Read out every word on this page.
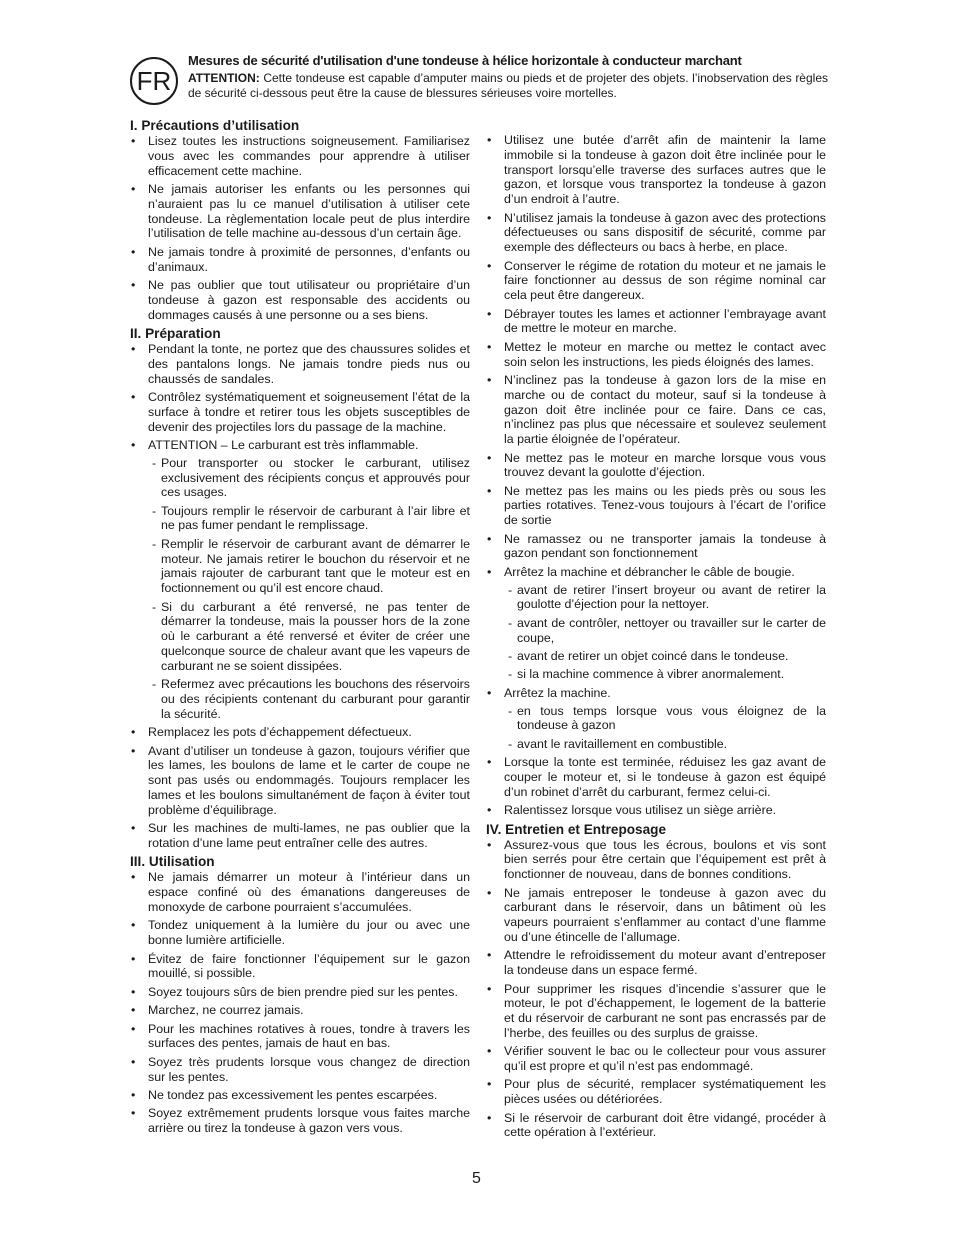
FR

Mesures de sécurité d'utilisation d'une tondeuse à hélice horizontale à conducteur marchant

ATTENTION: Cette tondeuse est capable d’amputer mains ou pieds et de projeter des objets. l’inobservation des règles de sécurité ci-dessous peut être la cause de blessures sérieuses voire mortelles.

I. Précautions d’utilisation

• Lisez toutes les instructions soigneusement. Familiarisez vous avec les commandes pour apprendre à utiliser efficacement cette machine.
• Ne jamais autoriser les enfants ou les personnes qui n’auraient pas lu ce manuel d’utilisation à utiliser cete tondeuse. La règlementation locale peut de plus interdire l’utilisation de telle machine au-dessous d’un certain âge.
• Ne jamais tondre à proximité de personnes, d’enfants ou d’animaux.
• Ne pas oublier que tout utilisateur ou propriétaire d’un tondeuse à gazon est responsable des accidents ou dommages causés à une personne ou a ses biens.

II. Préparation

• Pendant la tonte, ne portez que des chaussures solides et des pantalons longs. Ne jamais tondre pieds nus ou chaussés de sandales.
• Contrôlez systématiquement et soigneusement l’état de la surface à tondre et retirer tous les objets susceptibles de devenir des projectiles lors du passage de la machine.
• ATTENTION – Le carburant est très inflammable.
- Pour transporter ou stocker le carburant, utilisez exclusivement des récipients conçus et approuvés pour ces usages.
- Toujours remplir le réservoir de carburant à l’air libre et ne pas fumer pendant le remplissage.
- Remplir le réservoir de carburant avant de démarrer le moteur. Ne jamais retirer le bouchon du réservoir et ne jamais rajouter de carburant tant que le moteur est en foctionnement ou qu’il est encore chaud.
- Si du carburant a été renversé, ne pas tenter de démarrer la tondeuse, mais la pousser hors de la zone où le carburant a été renversé et éviter de créer une quelconque source de chaleur avant que les vapeurs de carburant ne se soient dissipées.
- Refermez avec précautions les bouchons des réservoirs ou des récipients contenant du carburant pour garantir la sécurité.
• Remplacez les pots d’échappement défectueux.
• Avant d’utiliser un tondeuse à gazon, toujours vérifier que les lames, les boulons de lame et le carter de coupe ne sont pas usés ou endommagés. Toujours remplacer les lames et les boulons simultanément de façon à éviter tout problème d’équilibrage.
• Sur les machines de multi-lames, ne pas oublier que la rotation d’une lame peut entraîner celle des autres.

III. Utilisation

• Ne jamais démarrer un moteur à l’intérieur dans un espace confiné où des émanations dangereuses de monoxyde de carbone pourraient s’accumulées.
• Tondez uniquement à la lumière du jour ou avec une bonne lumière artificielle.
• Évitez de faire fonctionner l’équipement sur le gazon mouillé, si possible.
• Soyez toujours sûrs de bien prendre pied sur les pentes.
• Marchez, ne courrez jamais.
• Pour les machines rotatives à roues, tondre à travers les surfaces des pentes, jamais de haut en bas.
• Soyez très prudents lorsque vous changez de direction sur les pentes.
• Ne tondez pas excessivement les pentes escarpées.
• Soyez extrêmement prudents lorsque vous faites marche arrière ou tirez la tondeuse à gazon vers vous.
• Utilisez une butée d’arrêt afin de maintenir la lame immobile si la tondeuse à gazon doit être inclinée pour le transport lorsqu’elle traverse des surfaces autres que le gazon, et lorsque vous transportez la tondeuse à gazon d’un endroit à l’autre.
• N’utilisez jamais la tondeuse à gazon avec des protections défectueuses ou sans dispositif de sécurité, comme par exemple des déflecteurs ou bacs à herbe, en place.
• Conserver le régime de rotation du moteur et ne jamais le faire fonctionner au dessus de son régime nominal car cela peut être dangereux.
• Débrayer toutes les lames et actionner l’embrayage avant de mettre le moteur en marche.
• Mettez le moteur en marche ou mettez le contact avec soin selon les instructions, les pieds éloignés des lames.
• N’inclinez pas la tondeuse à gazon lors de la mise en marche ou de contact du moteur, sauf si la tondeuse à gazon doit être inclinée pour ce faire. Dans ce cas, n’inclinez pas plus que nécessaire et soulevez seulement la partie éloignée de l’opérateur.
• Ne mettez pas le moteur en marche lorsque vous vous trouvez devant la goulotte d’éjection.
• Ne mettez pas les mains ou les pieds près ou sous les parties rotatives. Tenez-vous toujours à l’écart de l’orifice de sortie
• Ne ramassez ou ne transporter jamais la tondeuse à gazon pendant son fonctionnement
• Arrêtez la machine et débrancher le câble de bougie.
- avant de retirer l’insert broyeur ou avant de retirer la goulotte d’éjection pour la nettoyer.
- avant de contrôler, nettoyer ou travailler sur le carter de coupe,
- avant de retirer un objet coincé dans le tondeuse.
- si la machine commence à vibrer anormalement.
• Arrêtez la machine.
- en tous temps lorsque vous vous éloignez de la tondeuse à gazon
- avant le ravitaillement en combustible.
• Lorsque la tonte est terminée, réduisez les gaz avant de couper le moteur et, si le tondeuse à gazon est équipé d’un robinet d’arrêt du carburant, fermez celui-ci.
• Ralentissez lorsque vous utilisez un siège arrière.

IV. Entretien et Entreposage

• Assurez-vous que tous les écrous, boulons et vis sont bien serrés pour être certain que l’équipement est prêt à fonctionner de nouveau, dans de bonnes conditions.
• Ne jamais entreposer le tondeuse à gazon avec du carburant dans le réservoir, dans un bâtiment où les vapeurs pourraient s’enflammer au contact d’une flamme ou d’une étincelle de l’allumage.
• Attendre le refroidissement du moteur avant d’entreposer la tondeuse dans un espace fermé.
• Pour supprimer les risques d’incendie s’assurer que le moteur, le pot d’échappement, le logement de la batterie et du réservoir de carburant ne sont pas encrassés par de l’herbe, des feuilles ou des surplus de graisse.
• Vérifier souvent le bac ou le collecteur pour vous assurer qu’il est propre et qu’il n’est pas endommagé.
• Pour plus de sécurité, remplacer systématiquement les pièces usées ou détériorées.
• Si le réservoir de carburant doit être vidangé, procéder à cette opération à l’extérieur.
5
